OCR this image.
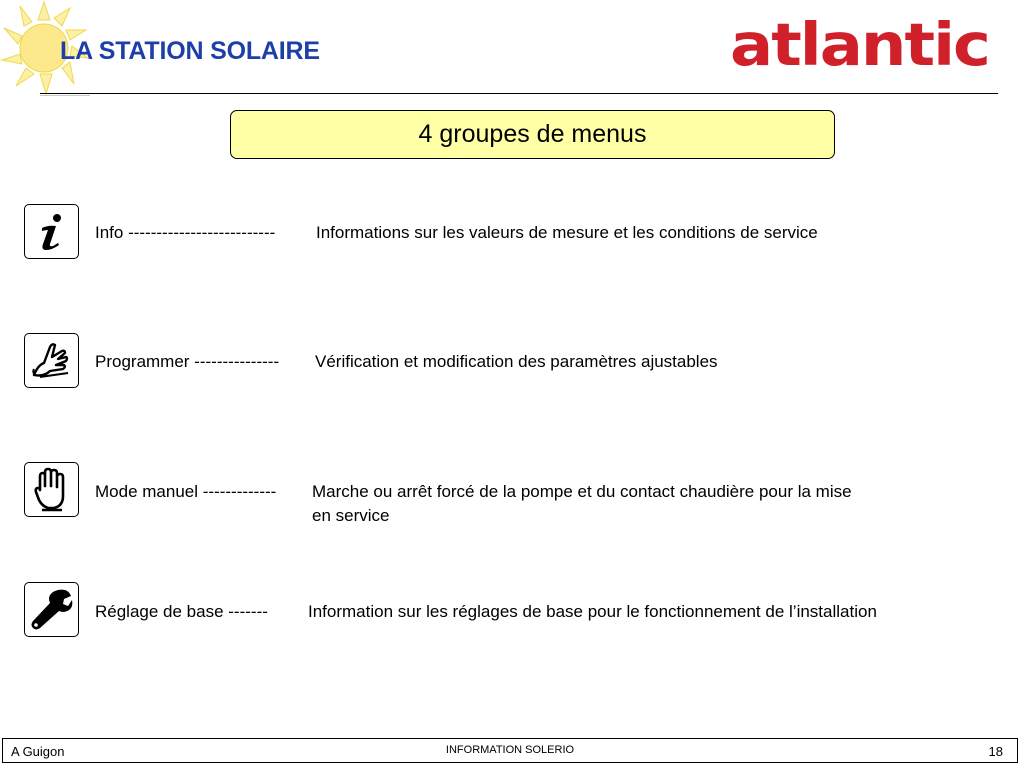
LA STATION SOLAIRE	atlantic
4 groupes de menus
Info -------------------------- Informations sur les valeurs de mesure et les conditions de service
Programmer --------------- Vérification et modification des paramètres ajustables
Mode manuel ------------- Marche ou arrêt forcé de la pompe et du contact chaudière pour la mise
en service
Réglage de base ------- Information sur les réglages de base pour le fonctionnement de l’installation
A Guigon	INFORMATION SOLERIO	18
